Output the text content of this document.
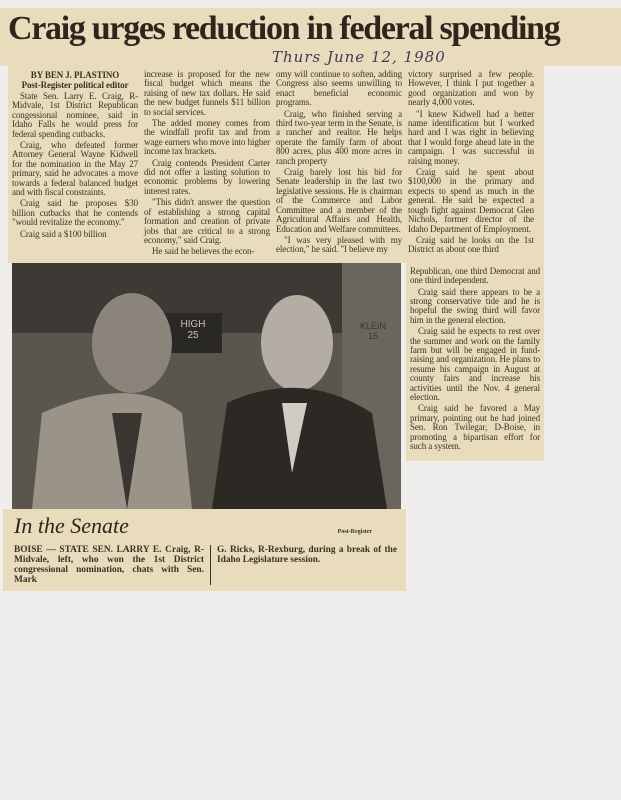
Craig urges reduction in federal spending
Thurs June 12, 1980
BY BEN J. PLASTINO
Post-Register political editor

State Sen. Larry E. Craig, R-Midvale, 1st District Republican congessional nominee, said in Idaho Falls he would press for federal spending cutbacks.

Craig, who defeated former Attorney General Wayne Kidwell for the nomination in the May 27 primary, said he advocates a move towards a federal balanced budget and with fiscal constraints.

Craig said he proposes $30 billion cutbacks that he contends "would revitalize the economy."

Craig said a $100 billion

increase is proposed for the new fiscal budget which means the raising of new tax dollars. He said the new budget funnels $11 billion to social services.

The added money comes from the windfall profit tax and from wage earners who move into higher income tax brackets.

Craig contends President Carter did not offer a lasting solution to economic problems by lowering interest rates.

"This didn't answer the question of establishing a strong capital formation and creation of private jobs that are critical to a strong economy," said Craig.

He said he believes the econ-

omy will continue to soften, adding Congress also seems unwilling to enact beneficial economic programs.

Craig, who finished serving a third two-year term in the Senate, is a rancher and realtor. He helps operate the family farm of about 800 acres, plus 400 more acres in ranch property

Craig barely lost his bid for Senate leadership in the last two legislative sessions. He is chairman of the Commerce and Labor Committee and a member of the Agricultural Affairs and Health, Education and Welfare committees.

"I was very pleased with my election," he said. "I believe my

victory surprised a few people. However, I think I put together a good organization and won by nearly 4,000 votes.

"I knew Kidwell had a better name identification but I worked hard and I was right in believing that I would forge ahead late in the campaign. I was successful in raising money.

Craig said he spent about $100,000 in the primary and expects to spend as much in the general. He said he expected a tough fight against Democrat Glen Nichols, former director of the Idaho Department of Employment.

Craig said he looks on the 1st District as about one third

HIGH
25
KLEIN
15
In the Senate	Post-Register
BOISE — STATE SEN. LARRY E. Craig, R-Midvale, left, who won the 1st District congressional nomination, chats with Sen. Mark
G. Ricks, R-Rexburg, during a break of the Idaho Legislature session.

Republican, one third Democrat and one third independent.

Craig said there appears to be a strong conservative tide and he is hopeful the swing third will favor him in the general election.

Craig said he expects to rest over the summer and work on the family farm but will be engaged in fund-raising and organization. He plans to resume his campaign in August at county fairs and increase his activities until the Nov. 4 general election.

Craig said he favored a May primary, pointing out he had joined Sen. Ron Twilegar, D-Boise, in promoting a bipartisan effort for such a system.
